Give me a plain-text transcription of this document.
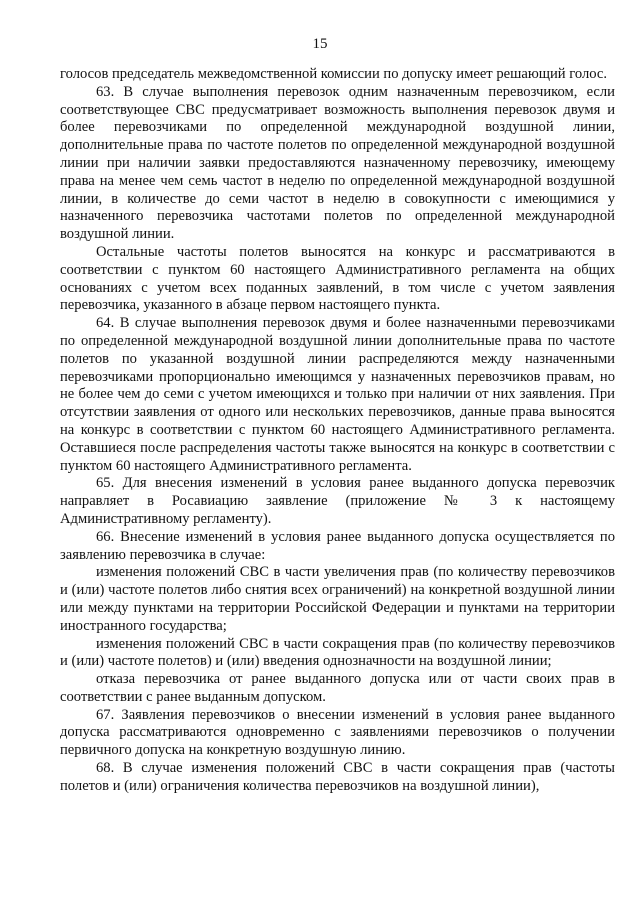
15

голосов председатель межведомственной комиссии по допуску имеет решающий голос.

63. В случае выполнения перевозок одним назначенным перевозчиком, если соответствующее СВС предусматривает возможность выполнения перевозок двумя и более перевозчиками по определенной международной воздушной линии, дополнительные права по частоте полетов по определенной международной воздушной линии при наличии заявки предоставляются назначенному перевозчику, имеющему права на менее чем семь частот в неделю по определенной международной воздушной линии, в количестве до семи частот в неделю в совокупности с имеющимися у назначенного перевозчика частотами полетов по определенной международной воздушной линии.

Остальные частоты полетов выносятся на конкурс и рассматриваются в соответствии с пунктом 60 настоящего Административного регламента на общих основаниях с учетом всех поданных заявлений, в том числе с учетом заявления перевозчика, указанного в абзаце первом настоящего пункта.

64. В случае выполнения перевозок двумя и более назначенными перевозчиками по определенной международной воздушной линии дополнительные права по частоте полетов по указанной воздушной линии распределяются между назначенными перевозчиками пропорционально имеющимся у назначенных перевозчиков правам, но не более чем до семи с учетом имеющихся и только при наличии от них заявления. При отсутствии заявления от одного или нескольких перевозчиков, данные права выносятся на конкурс в соответствии с пунктом 60 настоящего Административного регламента. Оставшиеся после распределения частоты также выносятся на конкурс в соответствии с пунктом 60 настоящего Административного регламента.

65. Для внесения изменений в условия ранее выданного допуска перевозчик направляет в Росавиацию заявление (приложение № 3 к настоящему Административному регламенту).

66. Внесение изменений в условия ранее выданного допуска осуществляется по заявлению перевозчика в случае:

изменения положений СВС в части увеличения прав (по количеству перевозчиков и (или) частоте полетов либо снятия всех ограничений) на конкретной воздушной линии или между пунктами на территории Российской Федерации и пунктами на территории иностранного государства;

изменения положений СВС в части сокращения прав (по количеству перевозчиков и (или) частоте полетов) и (или) введения однозначности на воздушной линии;

отказа перевозчика от ранее выданного допуска или от части своих прав в соответствии с ранее выданным допуском.

67. Заявления перевозчиков о внесении изменений в условия ранее выданного допуска рассматриваются одновременно с заявлениями перевозчиков о получении первичного допуска на конкретную воздушную линию.

68. В случае изменения положений СВС в части сокращения прав (частоты полетов и (или) ограничения количества перевозчиков на воздушной линии),
